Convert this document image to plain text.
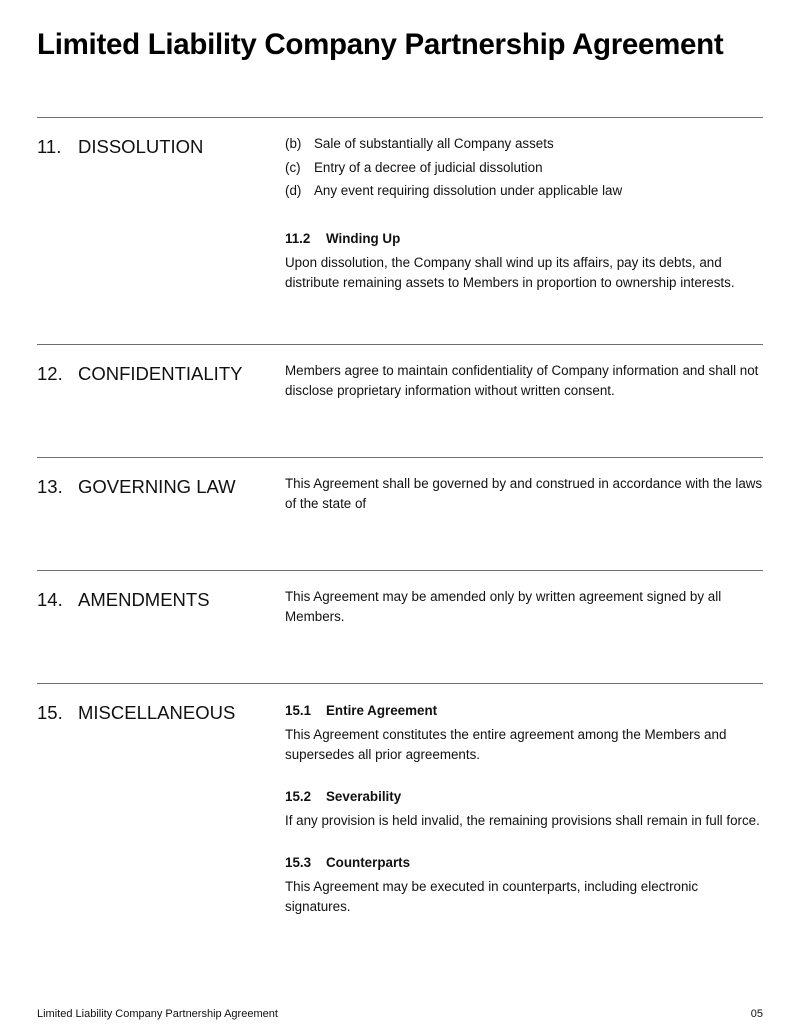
Limited Liability Company Partnership Agreement
11. DISSOLUTION	(b) Sale of substantially all Company assets
(c) Entry of a decree of judicial dissolution
(d) Any event requiring dissolution under applicable law
11.2 Winding Up

Upon dissolution, the Company shall wind up its affairs, pay its debts, and distribute remaining assets to Members in proportion to ownership interests.

12. CONFIDENTIALITY	Members agree to maintain confidentiality of Company information and shall not disclose proprietary information without written consent.

13. GOVERNING LAW	This Agreement shall be governed by and construed in accordance with the laws of the state of

14. AMENDMENTS	This Agreement may be amended only by written agreement signed by all Members.

15. MISCELLANEOUS	15.1 Entire Agreement

This Agreement constitutes the entire agreement among the Members and supersedes all prior agreements.

15.2 Severability

If any provision is held invalid, the remaining provisions shall remain in full force.

15.3 Counterparts

This Agreement may be executed in counterparts, including electronic signatures.

Limited Liability Company Partnership Agreement	05
